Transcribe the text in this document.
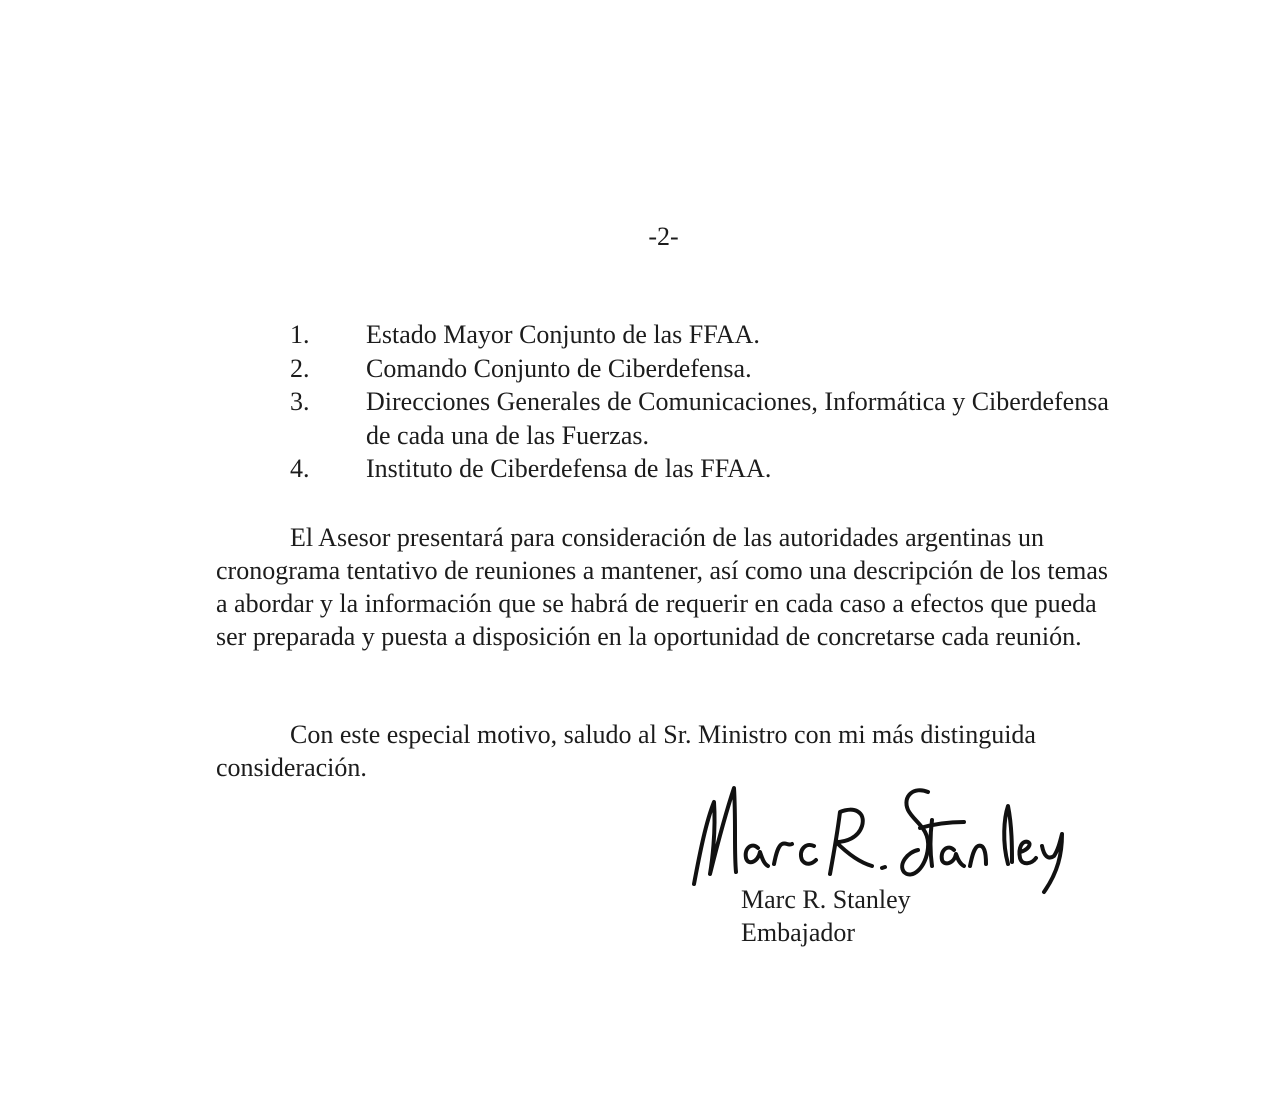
-2-
1.	Estado Mayor Conjunto de las FFAA.
2.	Comando Conjunto de Ciberdefensa.
3.	Direcciones Generales de Comunicaciones, Informática y Ciberdefensa de cada una de las Fuerzas.
4.	Instituto de Ciberdefensa de las FFAA.

El Asesor presentará para consideración de las autoridades argentinas un cronograma tentativo de reuniones a mantener, así como una descripción de los temas a abordar y la información que se habrá de requerir en cada caso a efectos que pueda ser preparada y puesta a disposición en la oportunidad de concretarse cada reunión.

Con este especial motivo, saludo al Sr. Ministro con mi más distinguida consideración.

Marc R. Stanley
Embajador
